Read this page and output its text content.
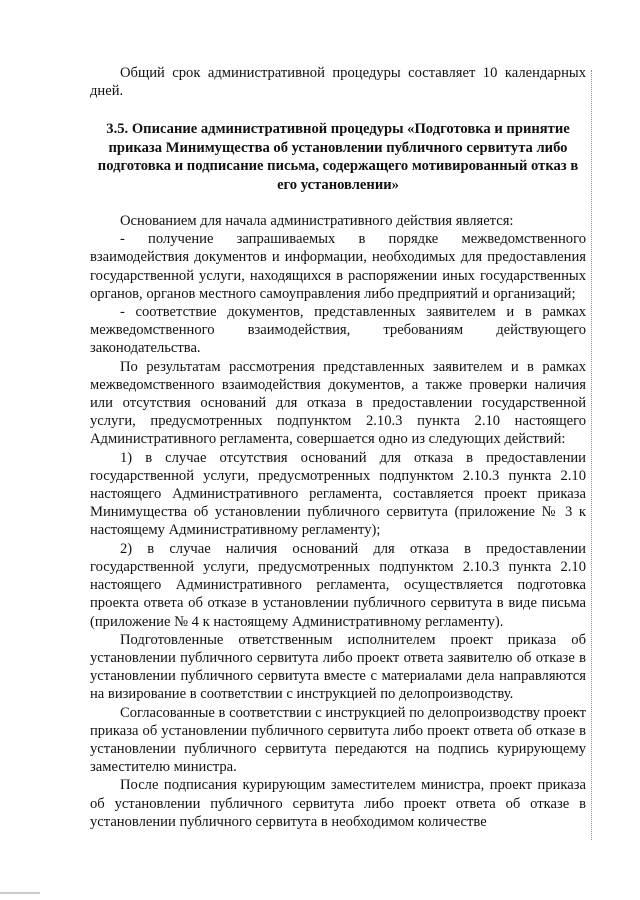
Общий срок административной процедуры составляет 10 календарных дней.

3.5. Описание административной процедуры «Подготовка и принятие приказа Минимущества об установлении публичного сервитута либо подготовка и подписание письма, содержащего мотивированный отказ в его установлении»

Основанием для начала административного действия является:

- получение запрашиваемых в порядке межведомственного взаимодействия документов и информации, необходимых для предоставления государственной услуги, находящихся в распоряжении иных государственных органов, органов местного самоуправления либо предприятий и организаций;

- соответствие документов, представленных заявителем и в рамках межведомственного взаимодействия, требованиям действующего законодательства.

По результатам рассмотрения представленных заявителем и в рамках межведомственного взаимодействия документов, а также проверки наличия или отсутствия оснований для отказа в предоставлении государственной услуги, предусмотренных подпунктом 2.10.3 пункта 2.10 настоящего Административного регламента, совершается одно из следующих действий:

1) в случае отсутствия оснований для отказа в предоставлении государственной услуги, предусмотренных подпунктом 2.10.3 пункта 2.10 настоящего Административного регламента, составляется проект приказа Минимущества об установлении публичного сервитута (приложение № 3 к настоящему Административному регламенту);

2) в случае наличия оснований для отказа в предоставлении государственной услуги, предусмотренных подпунктом 2.10.3 пункта 2.10 настоящего Административного регламента, осуществляется подготовка проекта ответа об отказе в установлении публичного сервитута в виде письма (приложение № 4 к настоящему Административному регламенту).

Подготовленные ответственным исполнителем проект приказа об установлении публичного сервитута либо проект ответа заявителю об отказе в установлении публичного сервитута вместе с материалами дела направляются на визирование в соответствии с инструкцией по делопроизводству.

Согласованные в соответствии с инструкцией по делопроизводству проект приказа об установлении публичного сервитута либо проект ответа об отказе в установлении публичного сервитута передаются на подпись курирующему заместителю министра.

После подписания курирующим заместителем министра, проект приказа об установлении публичного сервитута либо проект ответа об отказе в установлении публичного сервитута в необходимом количестве
